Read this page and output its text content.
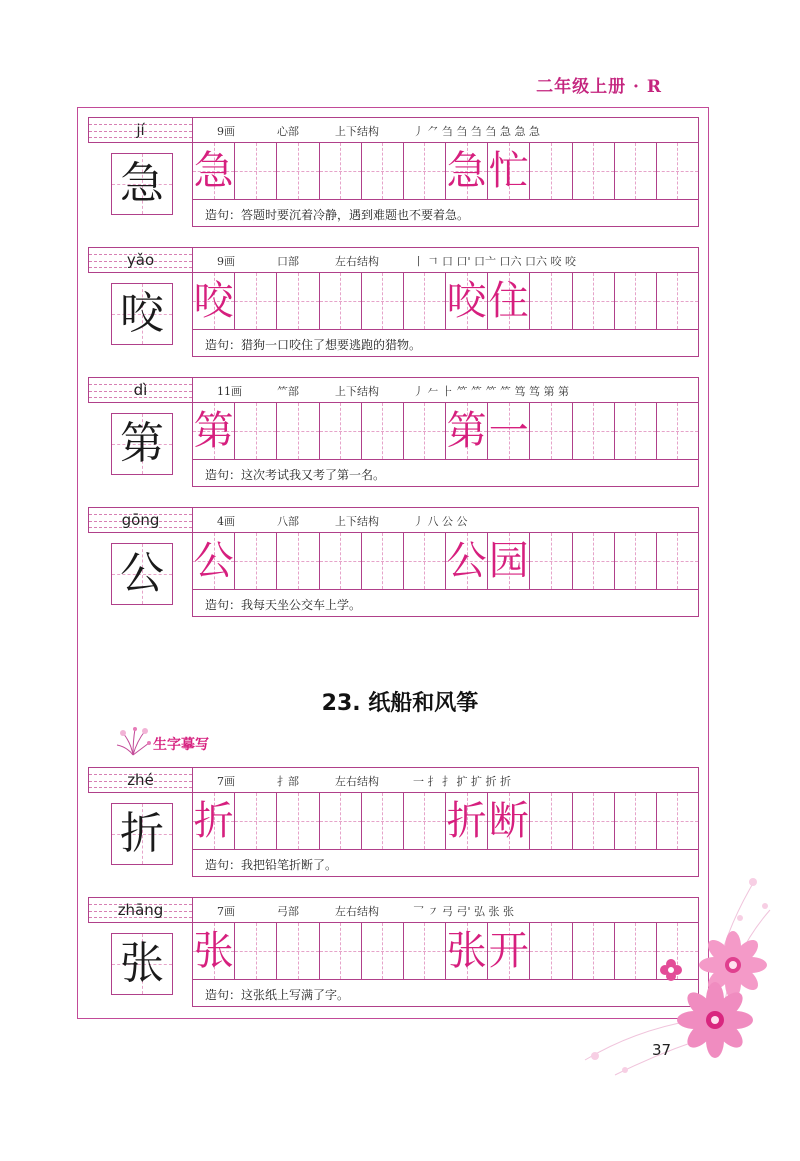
二年级上册 · R
jí	9画	心部	上下结构	丿 ⺈ 刍 刍 刍 刍 急 急 急
急 急	急 忙
造句：答题时要沉着冷静，遇到难题也不要着急。
yǎo	9画	口部	左右结构	丨 𠃍 口 口' 口亠 口六 口六 咬 咬
咬 咬	咬 住
造句：猎狗一口咬住了想要逃跑的猎物。
dì	11画	⺮部	上下结构	丿 𠂉 ⺊ ⺮ ⺮ ⺮ ⺮ 笃 笃 第 第
第 第	第 一
造句：这次考试我又考了第一名。
gōng	4画	八部	上下结构	丿 八 公 公
公 公	公 园
造句：我每天坐公交车上学。
23. 纸船和风筝
生字摹写
zhé	7画	扌部	左右结构	一 扌 扌 扩 扩 折 折
折 折	折 断
造句：我把铅笔折断了。
zhāng	7画	弓部	左右结构	乛 ㇇ 弓 弓' 弘 张 张
张 张	张 开
造句：这张纸上写满了字。
37
